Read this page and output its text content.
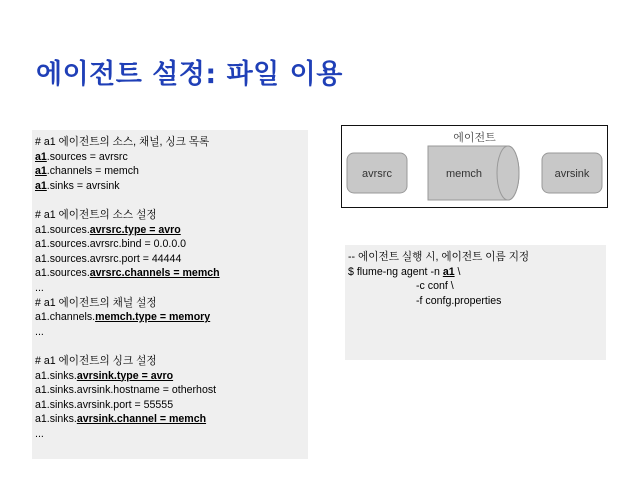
에이전트 설정: 파일 이용
# a1 에이전트의 소스, 채널, 싱크 목록
a1.sources = avrsrc
a1.channels = memch
a1.sinks = avrsink
# a1 에이전트의 소스 설정
a1.sources.avrsrc.type = avro
a1.sources.avrsrc.bind = 0.0.0.0
a1.sources.avrsrc.port = 44444
a1.sources.avrsrc.channels = memch
...
# a1 에이전트의 채널 설정
a1.channels.memch.type = memory
...
# a1 에이전트의 싱크 설정
a1.sinks.avrsink.type = avro
a1.sinks.avrsink.hostname = otherhost
a1.sinks.avrsink.port = 55555
a1.sinks.avrsink.channel = memch
...
에이전트
avrsrc	memch	avrsink
-- 에이전트 실행 시, 에이전트 이름 지정
$ flume-ng agent -n a1 \
-c conf \
-f confg.properties
